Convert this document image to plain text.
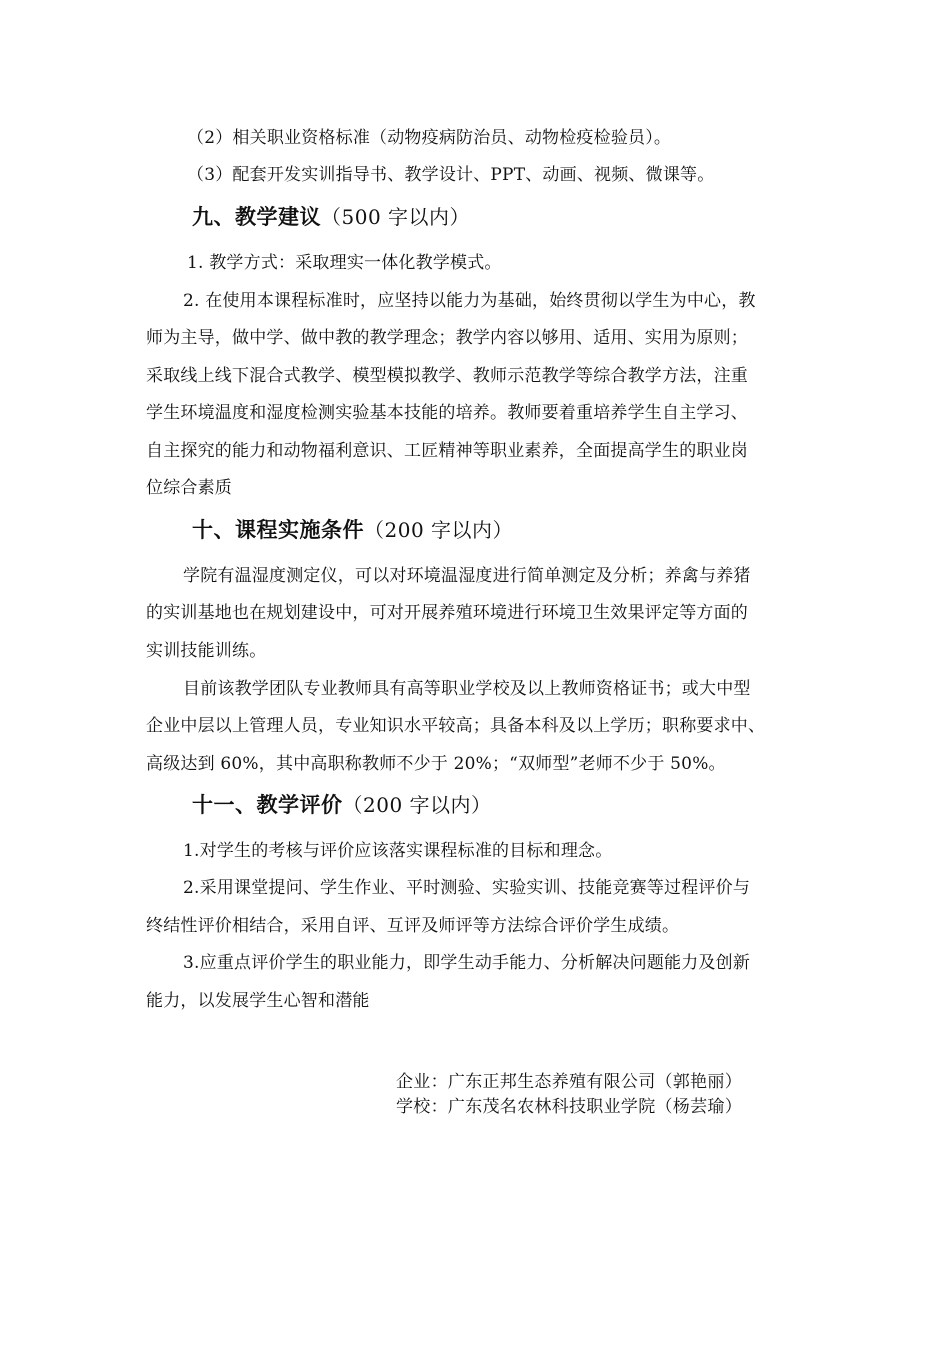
（2）相关职业资格标准（动物疫病防治员、动物检疫检验员）。
（3）配套开发实训指导书、教学设计、PPT、动画、视频、微课等。
九、教学建议（500 字以内）
1. 教学方式：采取理实一体化教学模式。
2. 在使用本课程标准时，应坚持以能力为基础，始终贯彻以学生为中心，教
师为主导，做中学、做中教的教学理念；教学内容以够用、适用、实用为原则；
采取线上线下混合式教学、模型模拟教学、教师示范教学等综合教学方法，注重
学生环境温度和湿度检测实验基本技能的培养。教师要着重培养学生自主学习、
自主探究的能力和动物福利意识、工匠精神等职业素养，全面提高学生的职业岗
位综合素质
十、课程实施条件（200 字以内）
学院有温湿度测定仪，可以对环境温湿度进行简单测定及分析；养禽与养猪
的实训基地也在规划建设中，可对开展养殖环境进行环境卫生效果评定等方面的
实训技能训练。
目前该教学团队专业教师具有高等职业学校及以上教师资格证书；或大中型
企业中层以上管理人员，专业知识水平较高；具备本科及以上学历；职称要求中、
高级达到 60%，其中高职称教师不少于 20%；“双师型”老师不少于 50%。
十一、教学评价（200 字以内）
1.对学生的考核与评价应该落实课程标准的目标和理念。
2.采用课堂提问、学生作业、平时测验、实验实训、技能竞赛等过程评价与
终结性评价相结合，采用自评、互评及师评等方法综合评价学生成绩。
3.应重点评价学生的职业能力，即学生动手能力、分析解决问题能力及创新
能力，以发展学生心智和潜能
企业：广东正邦生态养殖有限公司（郭艳丽）
学校：广东茂名农林科技职业学院（杨芸瑜）
